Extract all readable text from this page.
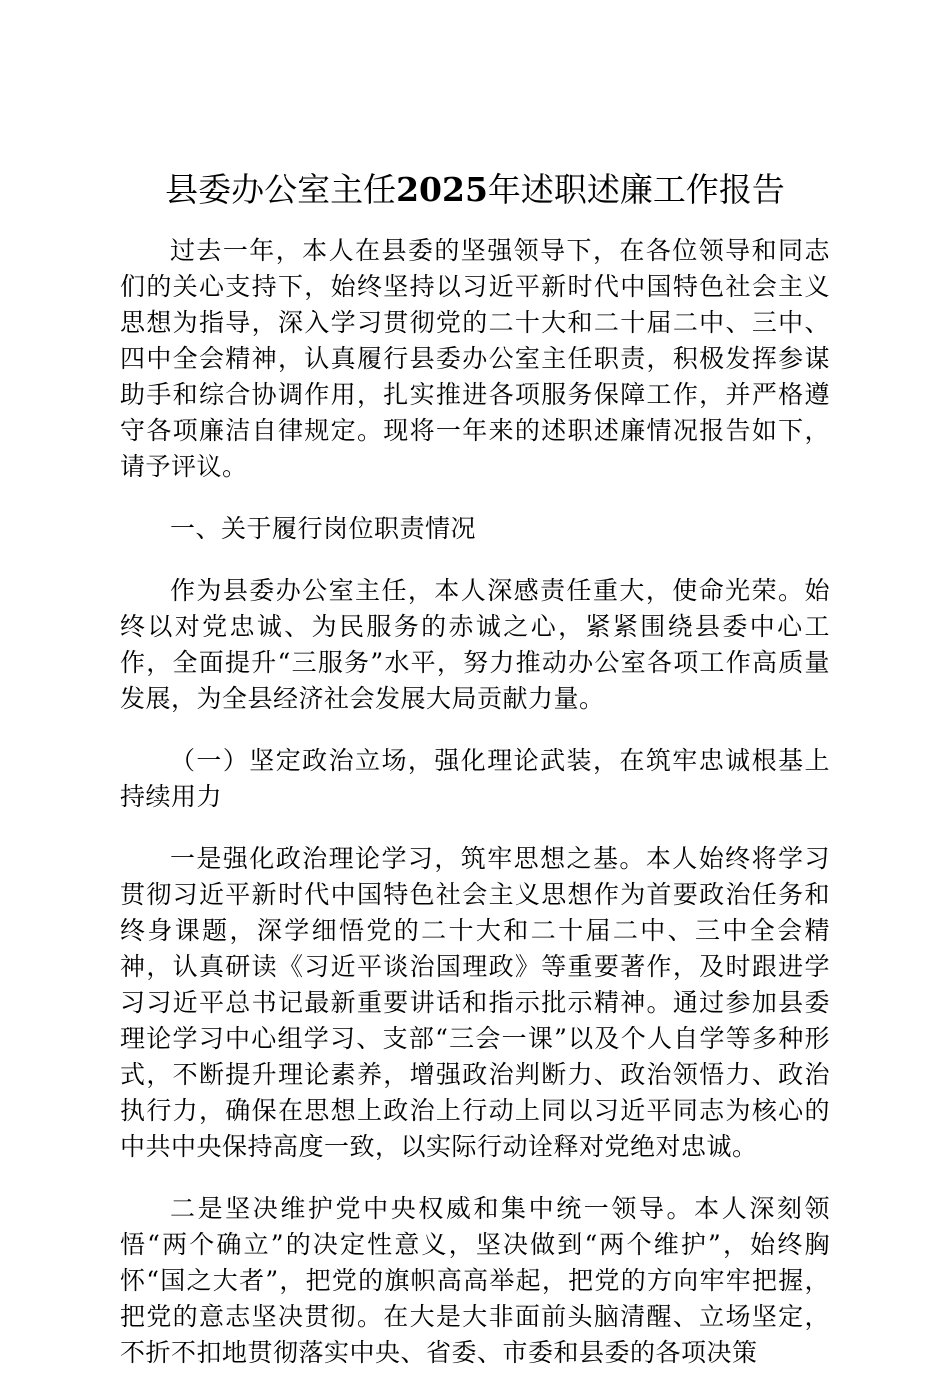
县委办公室主任2025年述职述廉工作报告

过去一年，本人在县委的坚强领导下，在各位领导和同志们的关心支持下，始终坚持以习近平新时代中国特色社会主义思想为指导，深入学习贯彻党的二十大和二十届二中、三中、四中全会精神，认真履行县委办公室主任职责，积极发挥参谋助手和综合协调作用，扎实推进各项服务保障工作，并严格遵守各项廉洁自律规定。现将一年来的述职述廉情况报告如下，请予评议。

一、关于履行岗位职责情况

作为县委办公室主任，本人深感责任重大，使命光荣。始终以对党忠诚、为民服务的赤诚之心，紧紧围绕县委中心工作，全面提升“三服务”水平，努力推动办公室各项工作高质量发展，为全县经济社会发展大局贡献力量。

（一）坚定政治立场，强化理论武装，在筑牢忠诚根基上持续用力

一是强化政治理论学习，筑牢思想之基。本人始终将学习贯彻习近平新时代中国特色社会主义思想作为首要政治任务和终身课题，深学细悟党的二十大和二十届二中、三中全会精神，认真研读《习近平谈治国理政》等重要著作，及时跟进学习习近平总书记最新重要讲话和指示批示精神。通过参加县委理论学习中心组学习、支部“三会一课”以及个人自学等多种形式，不断提升理论素养，增强政治判断力、政治领悟力、政治执行力，确保在思想上政治上行动上同以习近平同志为核心的中共中央保持高度一致，以实际行动诠释对党绝对忠诚。

二是坚决维护党中央权威和集中统一领导。本人深刻领悟“两个确立”的决定性意义，坚决做到“两个维护”，始终胸怀“国之大者”，把党的旗帜高高举起，把党的方向牢牢把握，把党的意志坚决贯彻。在大是大非面前头脑清醒、立场坚定，不折不扣地贯彻落实中央、省委、市委和县委的各项决策
